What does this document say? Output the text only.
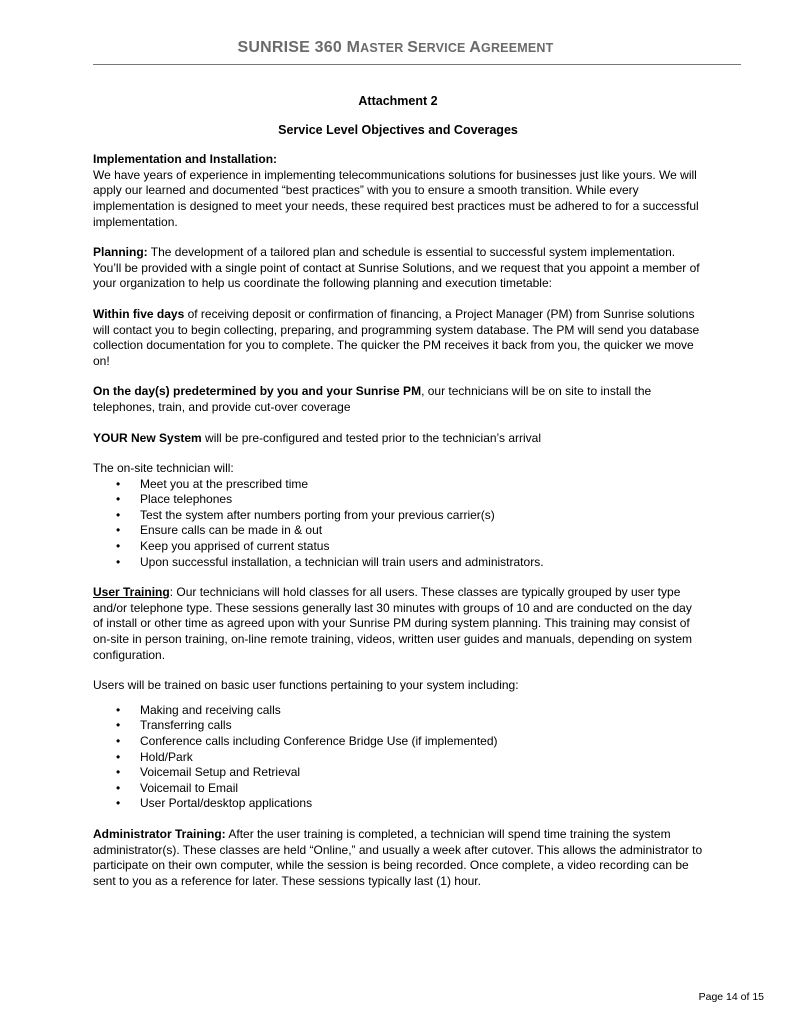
SUNRISE 360 MASTER SERVICE AGREEMENT
Attachment 2
Service Level Objectives and Coverages
Implementation and Installation:

We have years of experience in implementing telecommunications solutions for businesses just like yours. We will apply our learned and documented “best practices” with you to ensure a smooth transition. While every implementation is designed to meet your needs, these required best practices must be adhered to for a successful implementation.

Planning: The development of a tailored plan and schedule is essential to successful system implementation. You’ll be provided with a single point of contact at Sunrise Solutions, and we request that you appoint a member of your organization to help us coordinate the following planning and execution timetable:

Within five days of receiving deposit or confirmation of financing, a Project Manager (PM) from Sunrise solutions will contact you to begin collecting, preparing, and programming system database. The PM will send you database collection documentation for you to complete. The quicker the PM receives it back from you, the quicker we move on!

On the day(s) predetermined by you and your Sunrise PM, our technicians will be on site to install the telephones, train, and provide cut-over coverage

YOUR New System will be pre-configured and tested prior to the technician’s arrival

The on-site technician will:
• Meet you at the prescribed time
• Place telephones
• Test the system after numbers porting from your previous carrier(s)
• Ensure calls can be made in & out
• Keep you apprised of current status
• Upon successful installation, a technician will train users and administrators.

User Training: Our technicians will hold classes for all users. These classes are typically grouped by user type and/or telephone type. These sessions generally last 30 minutes with groups of 10 and are conducted on the day of install or other time as agreed upon with your Sunrise PM during system planning. This training may consist of on-site in person training, on-line remote training, videos, written user guides and manuals, depending on system configuration.

Users will be trained on basic user functions pertaining to your system including:
• Making and receiving calls
• Transferring calls
• Conference calls including Conference Bridge Use (if implemented)
• Hold/Park
• Voicemail Setup and Retrieval
• Voicemail to Email
• User Portal/desktop applications

Administrator Training: After the user training is completed, a technician will spend time training the system administrator(s). These classes are held “Online,” and usually a week after cutover. This allows the administrator to participate on their own computer, while the session is being recorded. Once complete, a video recording can be sent to you as a reference for later. These sessions typically last (1) hour.

Page 14 of 15
